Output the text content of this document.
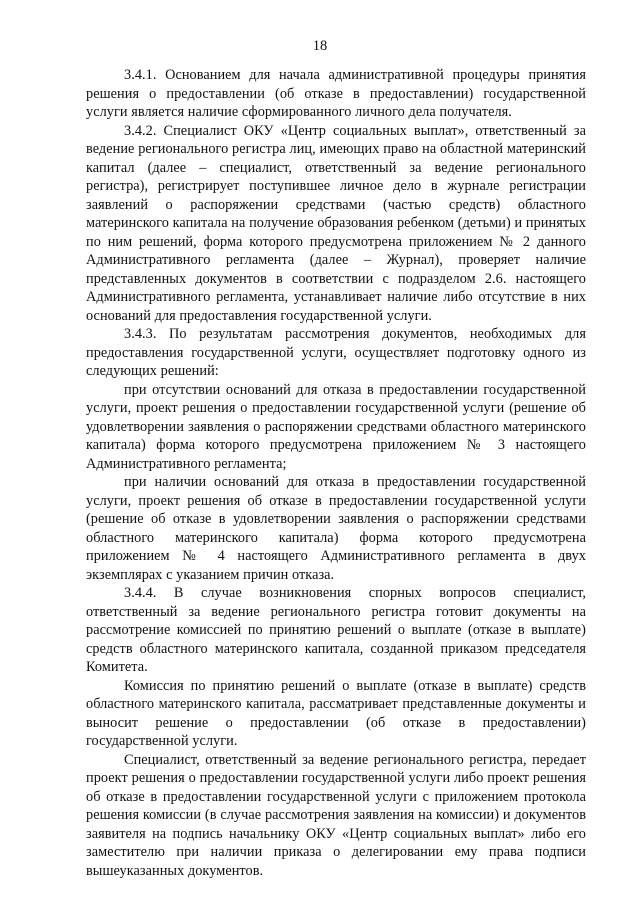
18

3.4.1. Основанием для начала административной процедуры принятия решения о предоставлении (об отказе в предоставлении) государственной услуги является наличие сформированного личного дела получателя.

3.4.2. Специалист ОКУ «Центр социальных выплат», ответственный за ведение регионального регистра лиц, имеющих право на областной материнский капитал (далее – специалист, ответственный за ведение регионального регистра), регистрирует поступившее личное дело в журнале регистрации заявлений о распоряжении средствами (частью средств) областного материнского капитала на получение образования ребенком (детьми) и принятых по ним решений, форма которого предусмотрена приложением № 2 данного Административного регламента (далее – Журнал), проверяет наличие представленных документов в соответствии с подразделом 2.6. настоящего Административного регламента, устанавливает наличие либо отсутствие в них оснований для предоставления государственной услуги.

3.4.3. По результатам рассмотрения документов, необходимых для предоставления государственной услуги, осуществляет подготовку одного из следующих решений:

при отсутствии оснований для отказа в предоставлении государственной услуги, проект решения о предоставлении государственной услуги (решение об удовлетворении заявления о распоряжении средствами областного материнского капитала) форма которого предусмотрена приложением № 3 настоящего Административного регламента;

при наличии оснований для отказа в предоставлении государственной услуги, проект решения об отказе в предоставлении государственной услуги (решение об отказе в удовлетворении заявления о распоряжении средствами областного материнского капитала) форма которого предусмотрена приложением № 4 настоящего Административного регламента в двух экземплярах с указанием причин отказа.

3.4.4. В случае возникновения спорных вопросов специалист, ответственный за ведение регионального регистра готовит документы на рассмотрение комиссией по принятию решений о выплате (отказе в выплате) средств областного материнского капитала, созданной приказом председателя Комитета.

Комиссия по принятию решений о выплате (отказе в выплате) средств областного материнского капитала, рассматривает представленные документы и выносит решение о предоставлении (об отказе в предоставлении) государственной услуги.

Специалист, ответственный за ведение регионального регистра, передает проект решения о предоставлении государственной услуги либо проект решения об отказе в предоставлении государственной услуги с приложением протокола решения комиссии (в случае рассмотрения заявления на комиссии) и документов заявителя на подпись начальнику ОКУ «Центр социальных выплат» либо его заместителю при наличии приказа о делегировании ему права подписи вышеуказанных документов.
